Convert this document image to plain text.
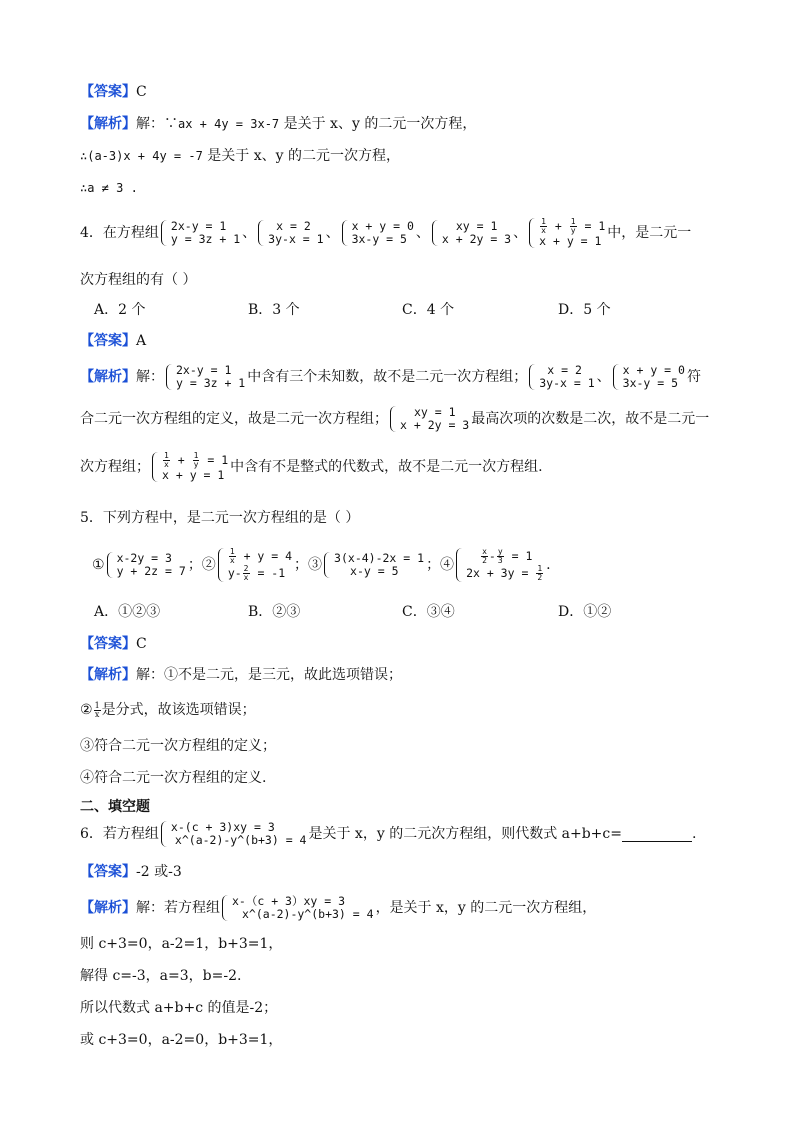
【答案】C
【解析】解：∵ax + 4y = 3x-7 是关于 x、y 的二元一次方程，
∴(a-3)x + 4y = -7 是关于 x、y 的二元一次方程，
∴a ≠ 3 .
4．在方程组 2x-y = 1
y = 3z + 1 、	x = 2
3y-x = 1 、 x + y = 0
3x-y = 5 、	xy = 1
x + 2y = 3 、 $\frac{1}{x} + \frac{1}{y} = 1$
x + y = 1 中，是二元一
次方程组的有（ ）
A．2 个	B．3 个	C．4 个	D．5 个
【答案】A
【解析】 解： 2x-y = 1
y = 3z + 1 中含有三个未知数，故不是二元一次方程组；	x = 2
3y-x = 1 、 x + y = 0
3x-y = 5 符
合二元一次方程组的定义，故是二元一次方程组；	xy = 1
x + 2y = 3 最高次项的次数是二次，故不是二元一
次方程组； $\frac{1}{x} + \frac{1}{y} = 1$
x + y = 1 中含有不是整式的代数式，故不是二元一次方程组.
5．下列方程中，是二元一次方程组的是（ ）
① x-2y = 3
y + 2z = 7 ；② $\frac{1}{x} + y = 4$
$y- \frac{2}{x} = -1$ ；③ 3(x-4)-2x = 1
x-y = 5	；④	$\frac{x}{2} - \frac{y}{3} = 1$
$2x + 3y = \frac{1}{2}$ .
A．①②③	B．②③	C．③④	D．①②
【答案】C
【解析】解：①不是二元，是三元，故此选项错误；
② $\frac{1}{x}$ 是分式，故该选项错误；
③符合二元一次方程组的定义；
④符合二元一次方程组的定义.
二、填空题
6．若方程组 x-(c + 3)xy = 3
x^(a-2)-y^(b+3) = 4 是关于 x，y 的二元次方程组，则代数式 a+b+c=	.
【答案】-2 或-3
【解析】 解：若方程组 x-（c + 3）xy = 3
x^(a-2)-y^(b+3) = 4 ，是关于 x，y 的二元一次方程组，
则 c+3=0，a-2=1，b+3=1，
解得 c=-3，a=3，b=-2.
所以代数式 a+b+c 的值是-2；
或 c+3=0，a-2=0，b+3=1，
